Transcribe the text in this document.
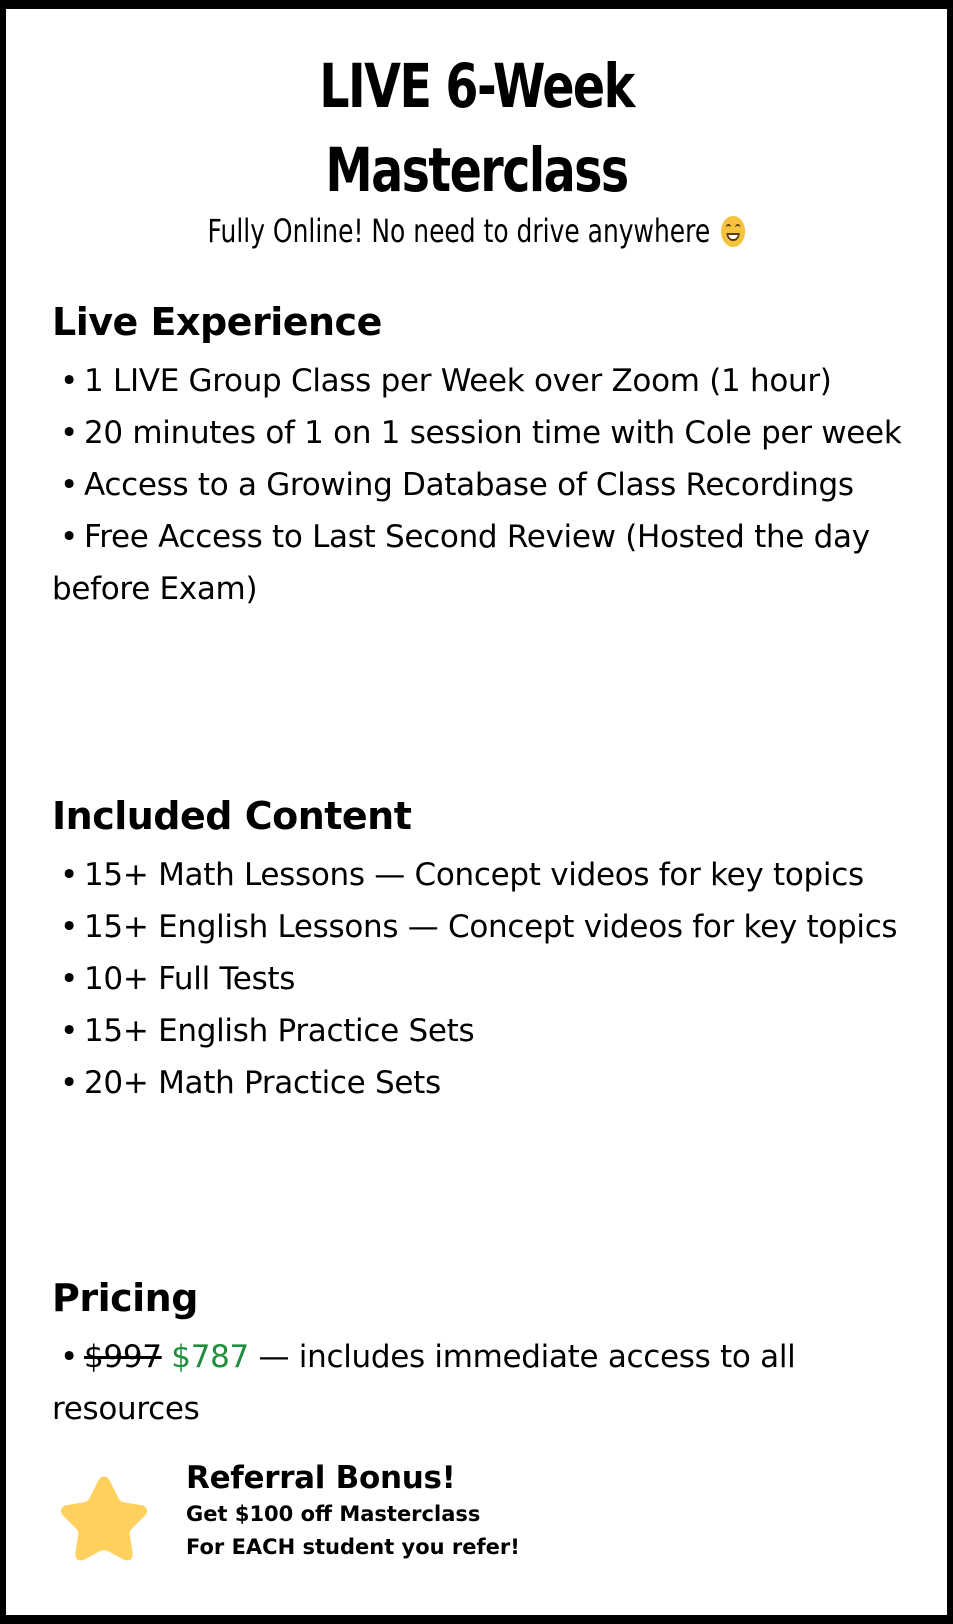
LIVE 6-Week
Masterclass
Fully Online! No need to drive anywhere
Live Experience
• 1 LIVE Group Class per Week over Zoom (1 hour)
• 20 minutes of 1 on 1 session time with Cole per week
• Access to a Growing Database of Class Recordings
• Free Access to Last Second Review (Hosted the day before Exam)
Included Content
• 15+ Math Lessons — Concept videos for key topics
• 15+ English Lessons — Concept videos for key topics
• 10+ Full Tests
• 15+ English Practice Sets
• 20+ Math Practice Sets
Pricing
• $997 $787 — includes immediate access to all resources
Referral Bonus!
Get $100 off Masterclass
For EACH student you refer!
